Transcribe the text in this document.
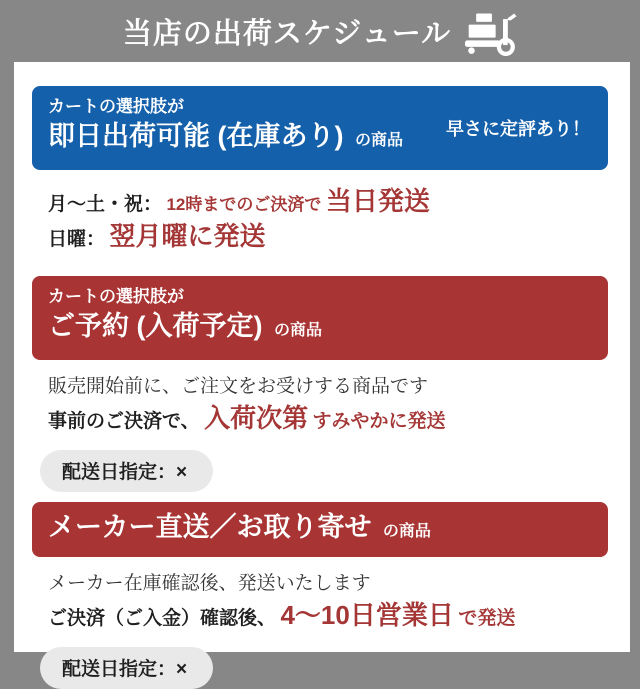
当店の出荷スケジュール
カートの選択肢が
即日出荷可能 (在庫あり) の商品
早さに定評あり！
月〜土・祝： 12時までのご決済で 当日発送
日曜： 翌月曜に発送
カートの選択肢が
ご予約 (入荷予定) の商品
販売開始前に、ご注文をお受けする商品です
事前のご決済で、 入荷次第 すみやかに発送
配送日指定：×
メーカー直送／お取り寄せ の商品
メーカー在庫確認後、発送いたします
ご決済（ご入金）確認後、 4〜10日営業日 で発送
配送日指定：×
